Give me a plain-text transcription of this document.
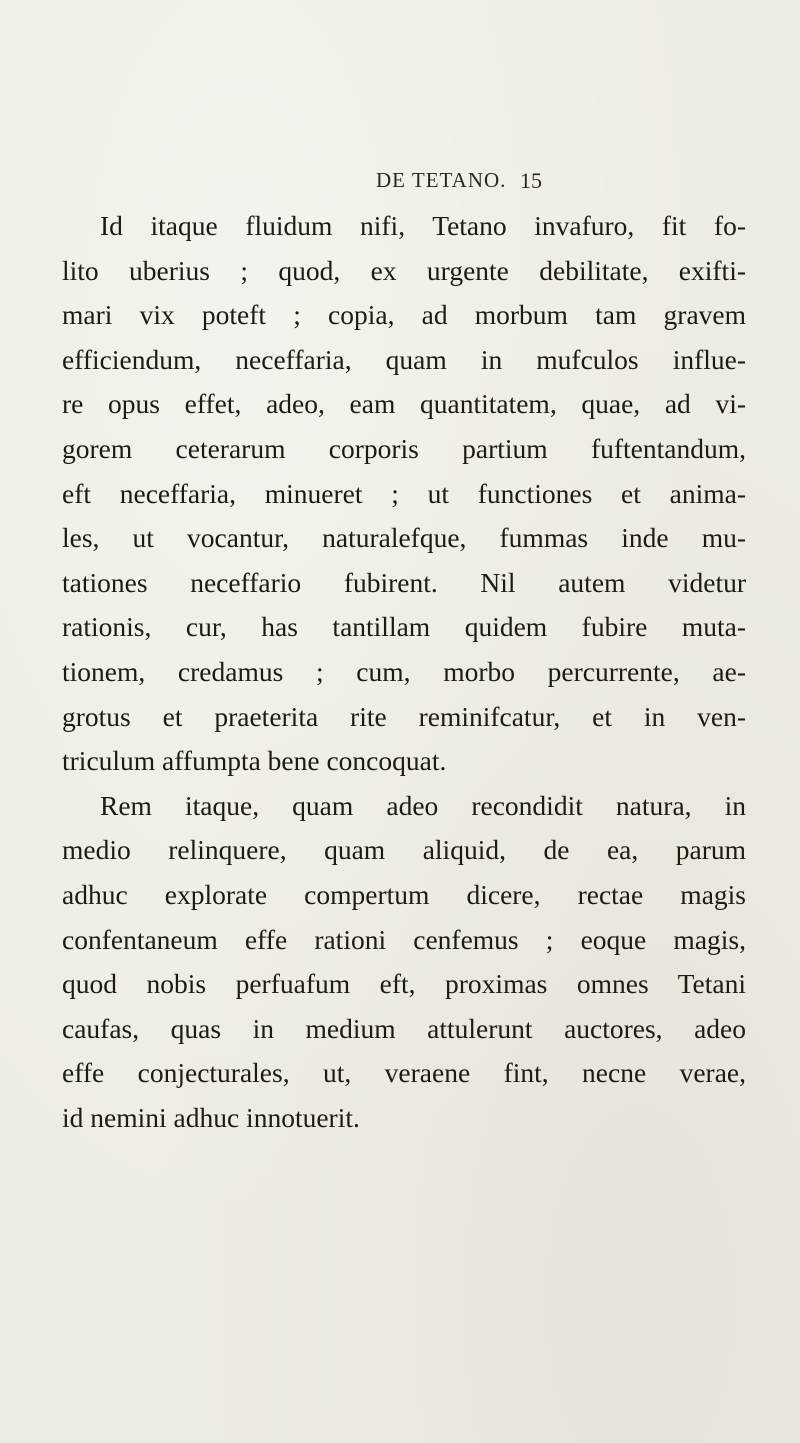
DE TETANO. 15
Id itaque fluidum nifi, Tetano invafuro, fit fo-
lito uberius ; quod, ex urgente debilitate, exifti-
mari vix poteft ; copia, ad morbum tam gravem
efficiendum, neceffaria, quam in mufculos influe-
re opus effet, adeo, eam quantitatem, quae, ad vi-
gorem ceterarum corporis partium fuftentandum,
eft neceffaria, minueret ; ut functiones et anima-
les, ut vocantur, naturalefque, fummas inde mu-
tationes neceffario fubirent. Nil autem videtur
rationis, cur, has tantillam quidem fubire muta-
tionem, credamus ; cum, morbo percurrente, ae-
grotus et praeterita rite reminifcatur, et in ven-
triculum affumpta bene concoquat.
Rem itaque, quam adeo recondidit natura, in
medio relinquere, quam aliquid, de ea, parum
adhuc explorate compertum dicere, rectae magis
confentaneum effe rationi cenfemus ; eoque magis,
quod nobis perfuafum eft, proximas omnes Tetani
caufas, quas in medium attulerunt auctores, adeo
effe conjecturales, ut, veraene fint, necne verae,
id nemini adhuc innotuerit.
